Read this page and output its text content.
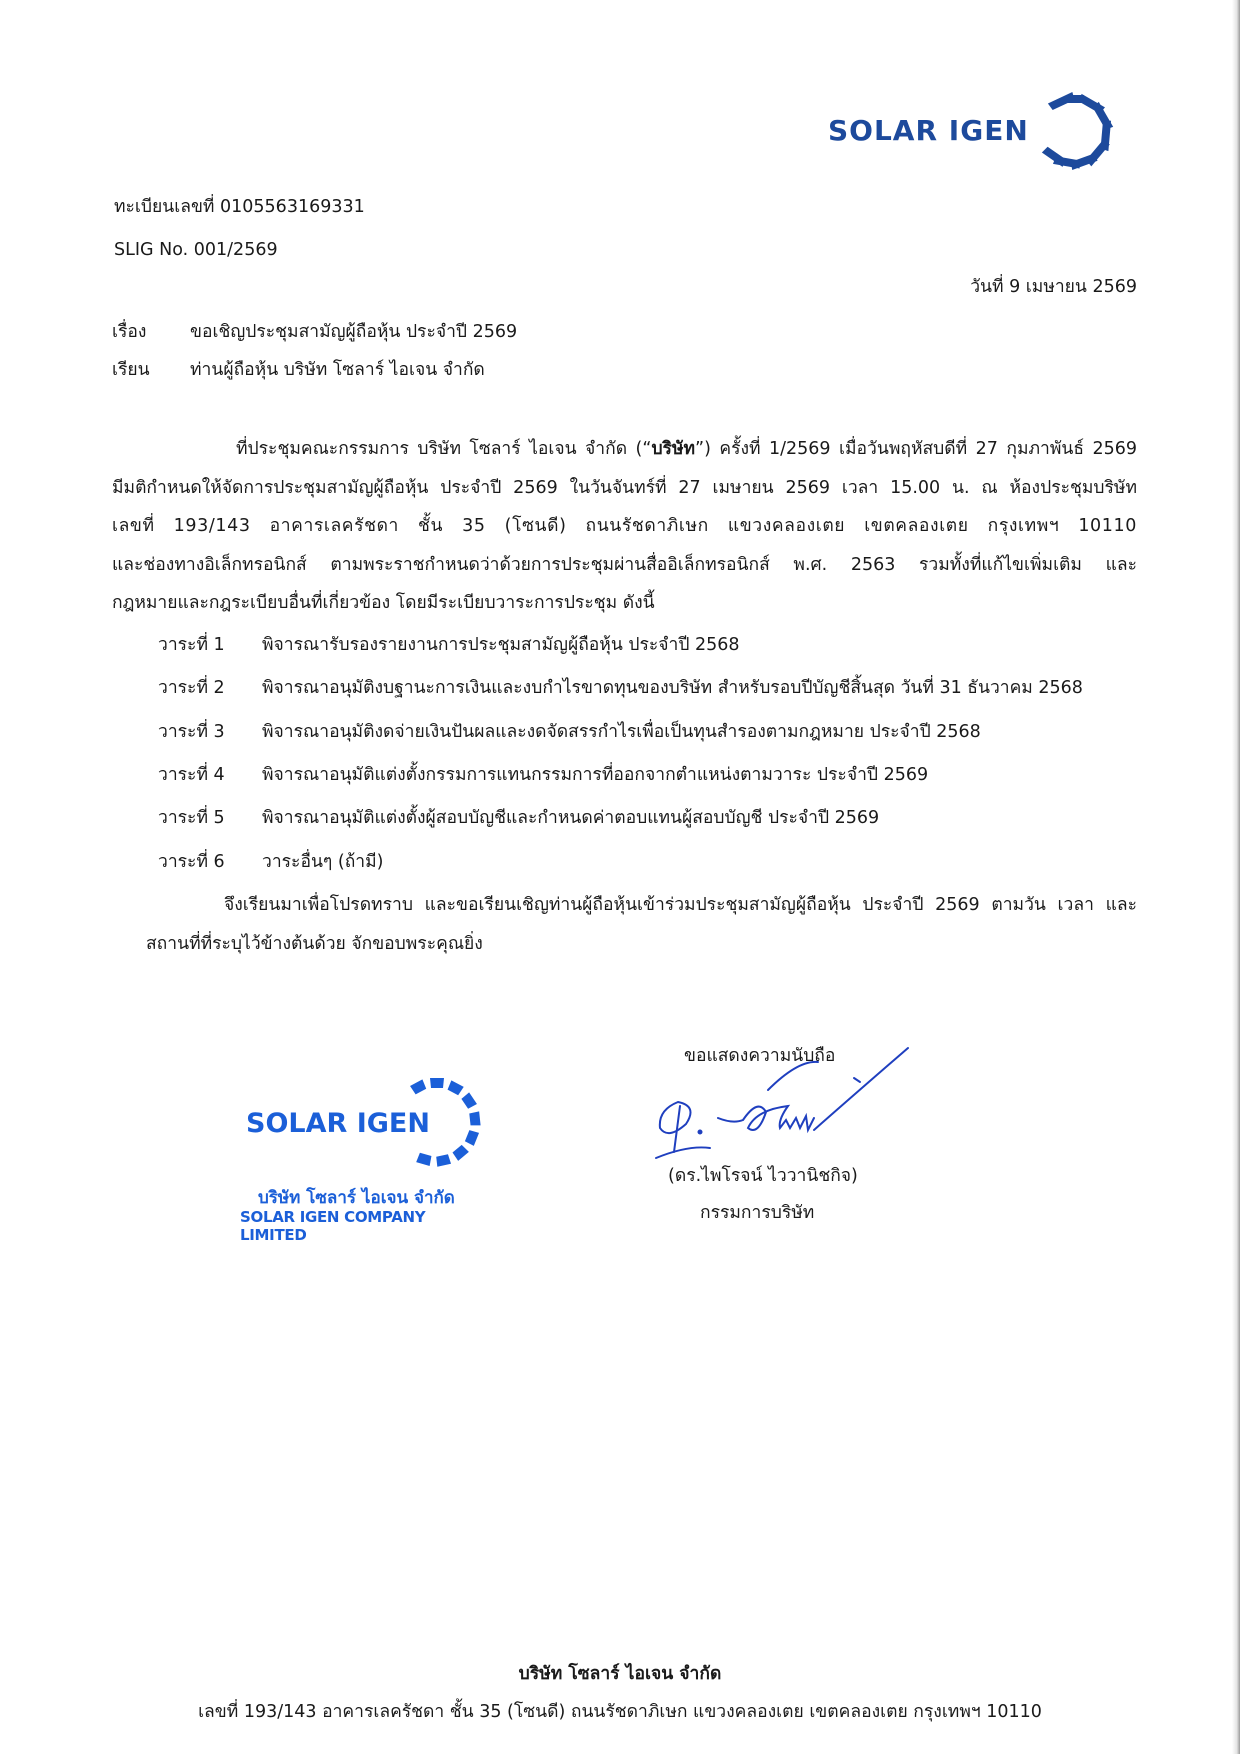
SOLAR IGEN
ทะเบียนเลขที่ 0105563169331
SLIG No. 001/2569
วันที่ 9 เมษายน 2569
เรื่อง ขอเชิญประชุมสามัญผู้ถือหุ้น ประจำปี 2569
เรียน ท่านผู้ถือหุ้น บริษัท โซลาร์ ไอเจน จำกัด
ที่ประชุมคณะกรรมการ บริษัท โซลาร์ ไอเจน จำกัด (“บริษัท”) ครั้งที่ 1/2569 เมื่อวันพฤหัสบดีที่ 27 กุมภาพันธ์ 2569
มีมติกำหนดให้จัดการประชุมสามัญผู้ถือหุ้น ประจำปี 2569 ในวันจันทร์ที่ 27 เมษายน 2569 เวลา 15.00 น. ณ ห้องประชุมบริษัท
เลขที่ 193/143 อาคารเลครัชดา ชั้น 35 (โซนดี) ถนนรัชดาภิเษก แขวงคลองเตย เขตคลองเตย กรุงเทพฯ 10110
และช่องทางอิเล็กทรอนิกส์ ตามพระราชกำหนดว่าด้วยการประชุมผ่านสื่ออิเล็กทรอนิกส์ พ.ศ. 2563 รวมทั้งที่แก้ไขเพิ่มเติม และ
กฎหมายและกฎระเบียบอื่นที่เกี่ยวข้อง โดยมีระเบียบวาระการประชุม ดังนี้
วาระที่ 1 พิจารณารับรองรายงานการประชุมสามัญผู้ถือหุ้น ประจำปี 2568
วาระที่ 2 พิจารณาอนุมัติงบฐานะการเงินและงบกำไรขาดทุนของบริษัท สำหรับรอบปีบัญชีสิ้นสุด วันที่ 31 ธันวาคม 2568
วาระที่ 3 พิจารณาอนุมัติงดจ่ายเงินปันผลและงดจัดสรรกำไรเพื่อเป็นทุนสำรองตามกฎหมาย ประจำปี 2568
วาระที่ 4 พิจารณาอนุมัติแต่งตั้งกรรมการแทนกรรมการที่ออกจากตำแหน่งตามวาระ ประจำปี 2569
วาระที่ 5 พิจารณาอนุมัติแต่งตั้งผู้สอบบัญชีและกำหนดค่าตอบแทนผู้สอบบัญชี ประจำปี 2569
วาระที่ 6 วาระอื่นๆ (ถ้ามี)
จึงเรียนมาเพื่อโปรดทราบ และขอเรียนเชิญท่านผู้ถือหุ้นเข้าร่วมประชุมสามัญผู้ถือหุ้น ประจำปี 2569 ตามวัน เวลา และ
สถานที่ที่ระบุไว้ข้างต้นด้วย จักขอบพระคุณยิ่ง
SOLAR IGEN
บริษัท โซลาร์ ไอเจน จำกัด
SOLAR IGEN COMPANY LIMITED
ขอแสดงความนับถือ
(ดร.ไพโรจน์ ไววานิชกิจ)
กรรมการบริษัท
บริษัท โซลาร์ ไอเจน จำกัด
เลขที่ 193/143 อาคารเลครัชดา ชั้น 35 (โซนดี) ถนนรัชดาภิเษก แขวงคลองเตย เขตคลองเตย กรุงเทพฯ 10110
